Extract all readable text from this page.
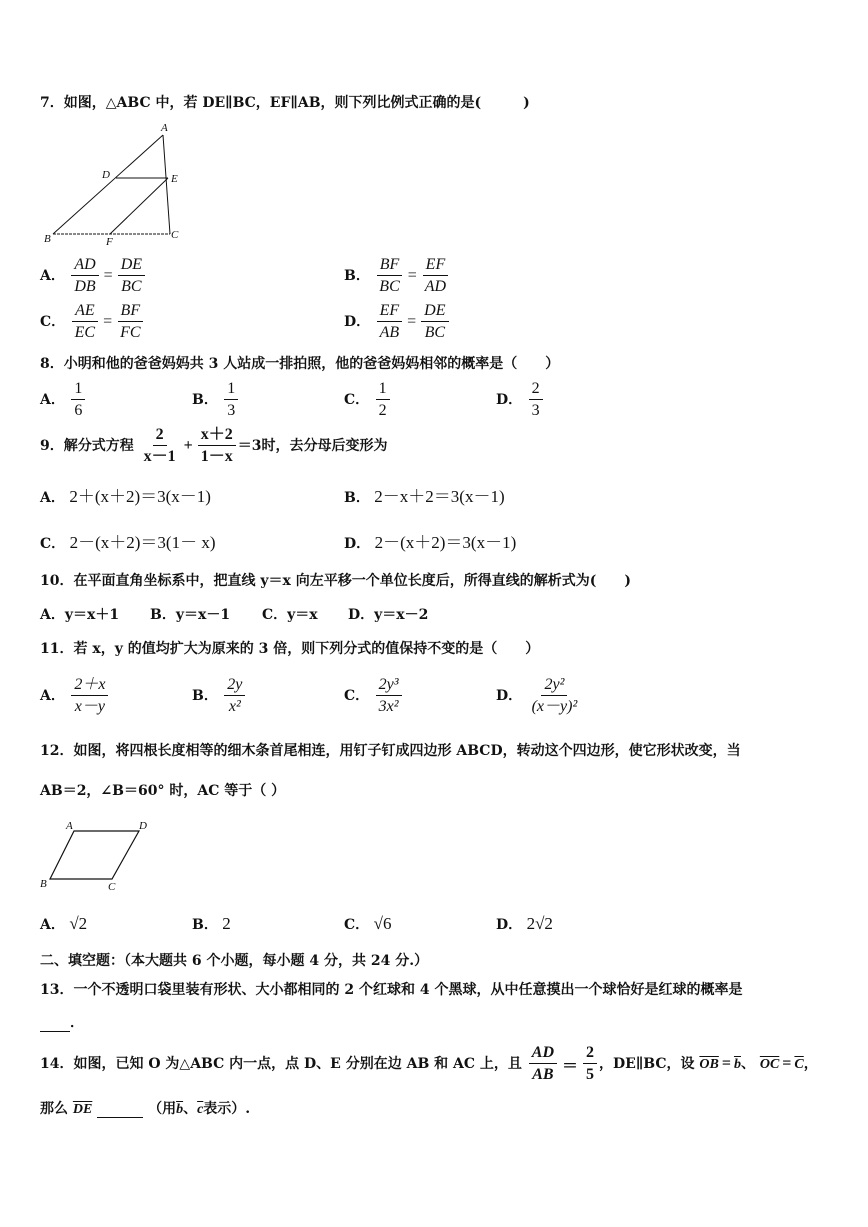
7．如图，△ABC 中，若 DE∥BC，EF∥AB，则下列比例式正确的是(　　　)
A
B	C
D	E
F
A． $\frac{AD}{DB} = \frac{DE}{BC}$	B． $\frac{BF}{BC} = \frac{EF}{AD}$
C． $\frac{AE}{EC} = \frac{BF}{FC}$	D． $\frac{EF}{AB} = \frac{DE}{BC}$
8．小明和他的爸爸妈妈共 3 人站成一排拍照，他的爸爸妈妈相邻的概率是（　　）
A． $\frac{1}{6}$	B． $\frac{1}{3}$	C． $\frac{1}{2}$	D． $\frac{2}{3}$
9．解分式方程 $\frac{2}{x-1} + \frac{x+2}{1-x} =3$时，去分母后变形为
A． 2＋(x＋2)＝3(x－1)	B． 2－x＋2＝3(x－1)
C． 2－(x＋2)＝3(1－ x)	D． 2－(x＋2)＝3(x－1)
10．在平面直角坐标系中，把直线 y＝x 向左平移一个单位长度后，所得直线的解析式为(　　)
A．y＝x＋1 B．y＝x－1 C．y＝x D．y＝x－2
11．若 x，y 的值均扩大为原来的 3 倍，则下列分式的值保持不变的是（　　）
A． $\frac{2+x}{x-y}$	B． $\frac{2y}{\text{x²}}$	C． $\frac{\text{2y³}}{\text{3x²}}$	D． $\frac{\text{2y²}}{\text{(x－y)²}}$
12．如图，将四根长度相等的细木条首尾相连，用钉子钉成四边形 ABCD，转动这个四边形，使它形状改变，当
AB＝2，∠B＝60° 时，AC 等于（ ）
A	D
B	C
A． √2	B． 2	C． √6	D． 2√2
二、填空题：（本大题共 6 个小题，每小题 4 分，共 24 分.）
13．一个不透明口袋里装有形状、大小都相同的 2 个红球和 4 个黑球，从中任意摸出一个球恰好是红球的概率是
．
14．如图，已知 O 为△ABC 内一点，点 D、E 分别在边 AB 和 AC 上，且 $\frac{AD}{AB} = \frac{2}{5}$ ，DE∥BC，设 $\overline{OB} = \overline{b}$、 $\overline{OC} = \overline{C}$，
那么 $\overline{DE}$	（用$\overline{b}$、$\overline{c}$表示）.
